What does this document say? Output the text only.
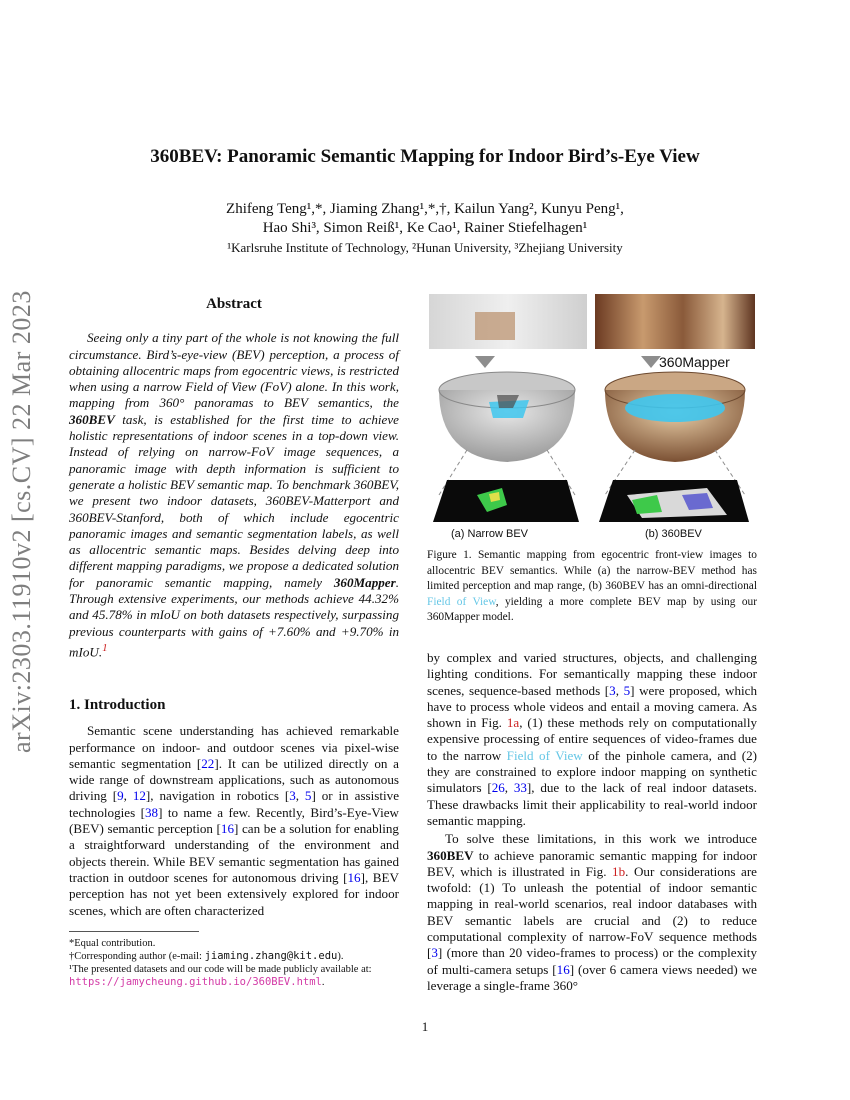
360BEV: Panoramic Semantic Mapping for Indoor Bird’s-Eye View
Zhifeng Teng¹,*, Jiaming Zhang¹,*,†, Kailun Yang², Kunyu Peng¹,
Hao Shi³, Simon Reiß¹, Ke Cao¹, Rainer Stiefelhagen¹
¹Karlsruhe Institute of Technology, ²Hunan University, ³Zhejiang University
arXiv:2303.11910v2 [cs.CV] 22 Mar 2023	Abstract

Seeing only a tiny part of the whole is not knowing the full circumstance. Bird’s-eye-view (BEV) perception, a process of obtaining allocentric maps from egocentric views, is restricted when using a narrow Field of View (FoV) alone. In this work, mapping from 360° panoramas to BEV semantics, the 360BEV task, is established for the first time to achieve holistic representations of indoor scenes in a top-down view. Instead of relying on narrow-FoV image sequences, a panoramic image with depth information is sufficient to generate a holistic BEV semantic map. To benchmark 360BEV, we present two indoor datasets, 360BEV-Matterport and 360BEV-Stanford, both of which include egocentric panoramic images and semantic segmentation labels, as well as allocentric semantic maps. Besides delving deep into different mapping paradigms, we propose a dedicated solution for panoramic semantic mapping, namely 360Mapper. Through extensive experiments, our methods achieve 44.32% and 45.78% in mIoU on both datasets respectively, surpassing previous counterparts with gains of +7.60% and +9.70% in mIoU.$^1$

1. Introduction

Semantic scene understanding has achieved remarkable performance on indoor- and outdoor scenes via pixel-wise semantic segmentation [22]. It can be utilized directly on a wide range of downstream applications, such as autonomous driving [9, 12], navigation in robotics [3, 5] or in assistive technologies [38] to name a few. Recently, Bird’s-Eye-View (BEV) semantic perception [16] can be a solution for enabling a straightforward understanding of the environment and objects therein. While BEV semantic segmentation has gained traction in outdoor scenes for autonomous driving [16], BEV perception has not yet been extensively explored for indoor scenes, which are often characterized

*Equal contribution.

†Corresponding author (e-mail: jiaming.zhang@kit.edu).

¹The presented datasets and our code will be made publicly available at: https://jamycheung.github.io/360BEV.html.

360Mapper
(a) Narrow BEV	(b) 360BEV
Figure 1. Semantic mapping from egocentric front-view images to allocentric BEV semantics. While (a) the narrow-BEV method has limited perception and map range, (b) 360BEV has an omni-directional Field of View, yielding a more complete BEV map by using our 360Mapper model.

by complex and varied structures, objects, and challenging lighting conditions. For semantically mapping these indoor scenes, sequence-based methods [3, 5] were proposed, which have to process whole videos and entail a moving camera. As shown in Fig. 1a, (1) these methods rely on computationally expensive processing of entire sequences of video-frames due to the narrow Field of View of the pinhole camera, and (2) they are constrained to explore indoor mapping on synthetic simulators [26, 33], due to the lack of real indoor datasets. These drawbacks limit their applicability to real-world indoor semantic mapping.

To solve these limitations, in this work we introduce 360BEV to achieve panoramic semantic mapping for indoor BEV, which is illustrated in Fig. 1b. Our considerations are twofold: (1) To unleash the potential of indoor semantic mapping in real-world scenarios, real indoor databases with BEV semantic labels are crucial and (2) to reduce computational complexity of narrow-FoV sequence methods [3] (more than 20 video-frames to process) or the complexity of multi-camera setups [16] (over 6 camera views needed) we leverage a single-frame 360°

1
